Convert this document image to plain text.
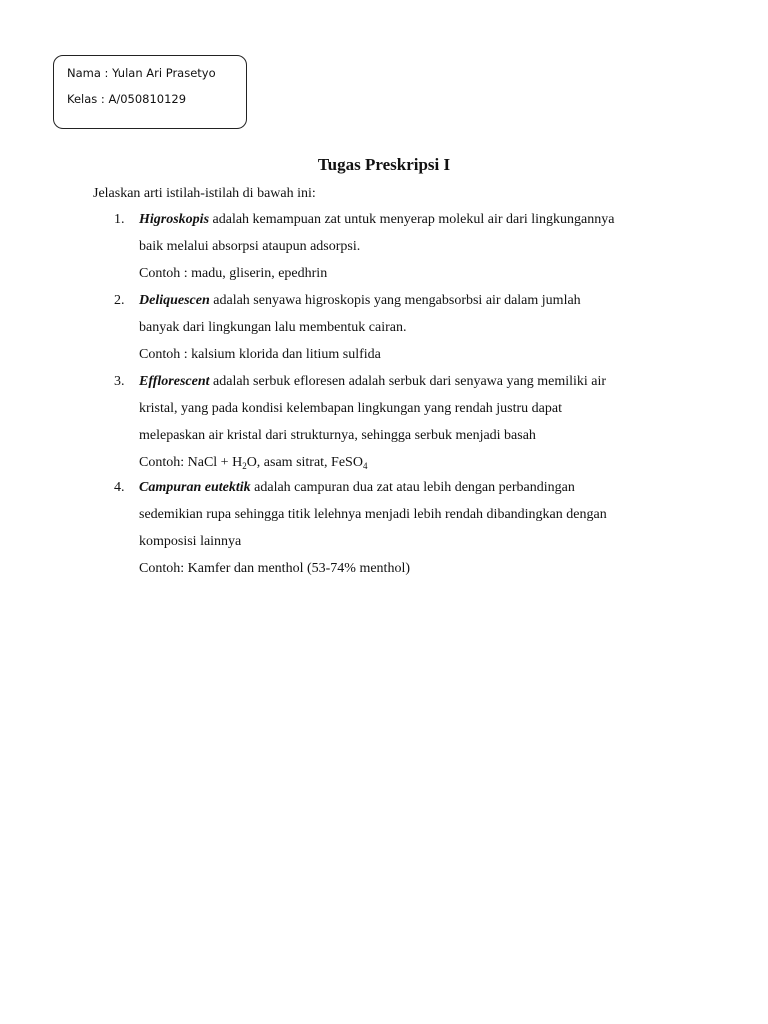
Nama : Yulan Ari Prasetyo
Kelas : A/050810129
Tugas Preskripsi I
Jelaskan arti istilah-istilah di bawah ini:
1. Higroskopis adalah kemampuan zat untuk menyerap molekul air dari lingkungannya
baik melalui absorpsi ataupun adsorpsi.
Contoh : madu, gliserin, epedhrin
2. Deliquescen adalah senyawa higroskopis yang mengabsorbsi air dalam jumlah
banyak dari lingkungan lalu membentuk cairan.
Contoh : kalsium klorida dan litium sulfida
3. Efflorescent adalah serbuk efloresen adalah serbuk dari senyawa yang memiliki air
kristal, yang pada kondisi kelembapan lingkungan yang rendah justru dapat
melepaskan air kristal dari strukturnya, sehingga serbuk menjadi basah
Contoh: NaCl + $H_2O$, asam sitrat, FeSO$_4$
4. Campuran eutektik adalah campuran dua zat atau lebih dengan perbandingan
sedemikian rupa sehingga titik lelehnya menjadi lebih rendah dibandingkan dengan
komposisi lainnya
Contoh: Kamfer dan menthol (53-74% menthol)
